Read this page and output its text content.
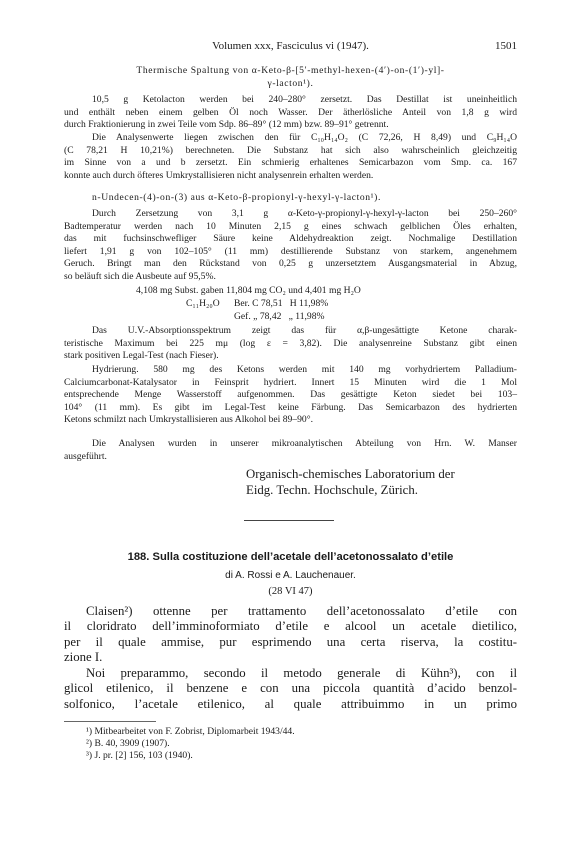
Volumen xxx, Fasciculus vi (1947).	1501
Thermische Spaltung von α-Keto-β-[5′-methyl-hexen-(4′)-on-(1′)-yl]-
γ-lacton¹).
10,5 g Ketolacton werden bei 240–280° zersetzt. Das Destillat ist uneinheitlich
und enthält neben einem gelben Öl noch Wasser. Der ätherlösliche Anteil von 1,8 g wird
durch Fraktionierung in zwei Teile vom Sdp. 86–89° (12 mm) bzw. 89–91° getrennt.
Die Analysenwerte liegen zwischen den für C₁₀H₁₄O₂ (C 72,26, H 8,49) und C₉H₁₄O
(C 78,21 H 10,21%) berechneten. Die Substanz hat sich also wahrscheinlich gleichzeitig
im Sinne von a und b zersetzt. Ein schmierig erhaltenes Semicarbazon vom Smp. ca. 167
konnte auch durch öfteres Umkrystallisieren nicht analysenrein erhalten werden.
n-Undecen-(4)-on-(3) aus α-Keto-β-propionyl-γ-hexyl-γ-lacton¹).
Durch Zersetzung von 3,1 g α-Keto-γ-propionyl-γ-hexyl-γ-lacton bei 250–260°
Badtemperatur werden nach 10 Minuten 2,15 g eines schwach gelblichen Öles erhalten,
das mit fuchsinschwefliger Säure keine Aldehydreaktion zeigt. Nochmalige Destillation
liefert 1,91 g von 102–105° (11 mm) destillierende Substanz von starkem, angenehmem
Geruch. Bringt man den Rückstand von 0,25 g unzersetztem Ausgangsmaterial in Abzug,
so beläuft sich die Ausbeute auf 95,5%.
4,108 mg Subst. gaben 11,804 mg CO₂ und 4,401 mg H₂O
C₁₁H₂₀O Ber. C 78,51   H 11,98%
Gef. „ 78,42   „ 11,98%
Das U.V.-Absorptionsspektrum zeigt das für α,β-ungesättigte Ketone charak-
teristische Maximum bei 225 mμ (log ε = 3,82). Die analysenreine Substanz gibt einen
stark positiven Legal-Test (nach Fieser).
Hydrierung. 580 mg des Ketons werden mit 140 mg vorhydriertem Palladium-
Calciumcarbonat-Katalysator in Feinsprit hydriert. Innert 15 Minuten wird die 1 Mol
entsprechende Menge Wasserstoff aufgenommen. Das gesättigte Keton siedet bei 103–
104° (11 mm). Es gibt im Legal-Test keine Färbung. Das Semicarbazon des hydrierten
Ketons schmilzt nach Umkrystallisieren aus Alkohol bei 89–90°.
Die Analysen wurden in unserer mikroanalytischen Abteilung von Hrn. W. Manser
ausgeführt.
Organisch-chemisches Laboratorium der
Eidg. Techn. Hochschule, Zürich.
188. Sulla costituzione dell’acetale dell’acetonossalato d’etile
di A. Rossi e A. Lauchenauer.
(28 VI 47)
Claisen²) ottenne per trattamento dell’acetonossalato d’etile con
il cloridrato dell’imminoformiato d’etile e alcool un acetale dietilico,
per il quale ammise, pur esprimendo una certa riserva, la costitu-
zione I.
Noi preparammo, secondo il metodo generale di Kühn³), con il
glicol etilenico, il benzene e con una piccola quantità d’acido benzol-
solfonico, l’acetale etilenico, al quale attribuimmo in un primo
¹) Mitbearbeitet von F. Zobrist, Diplomarbeit 1943/44.
²) B. 40, 3909 (1907).
³) J. pr. [2] 156, 103 (1940).
